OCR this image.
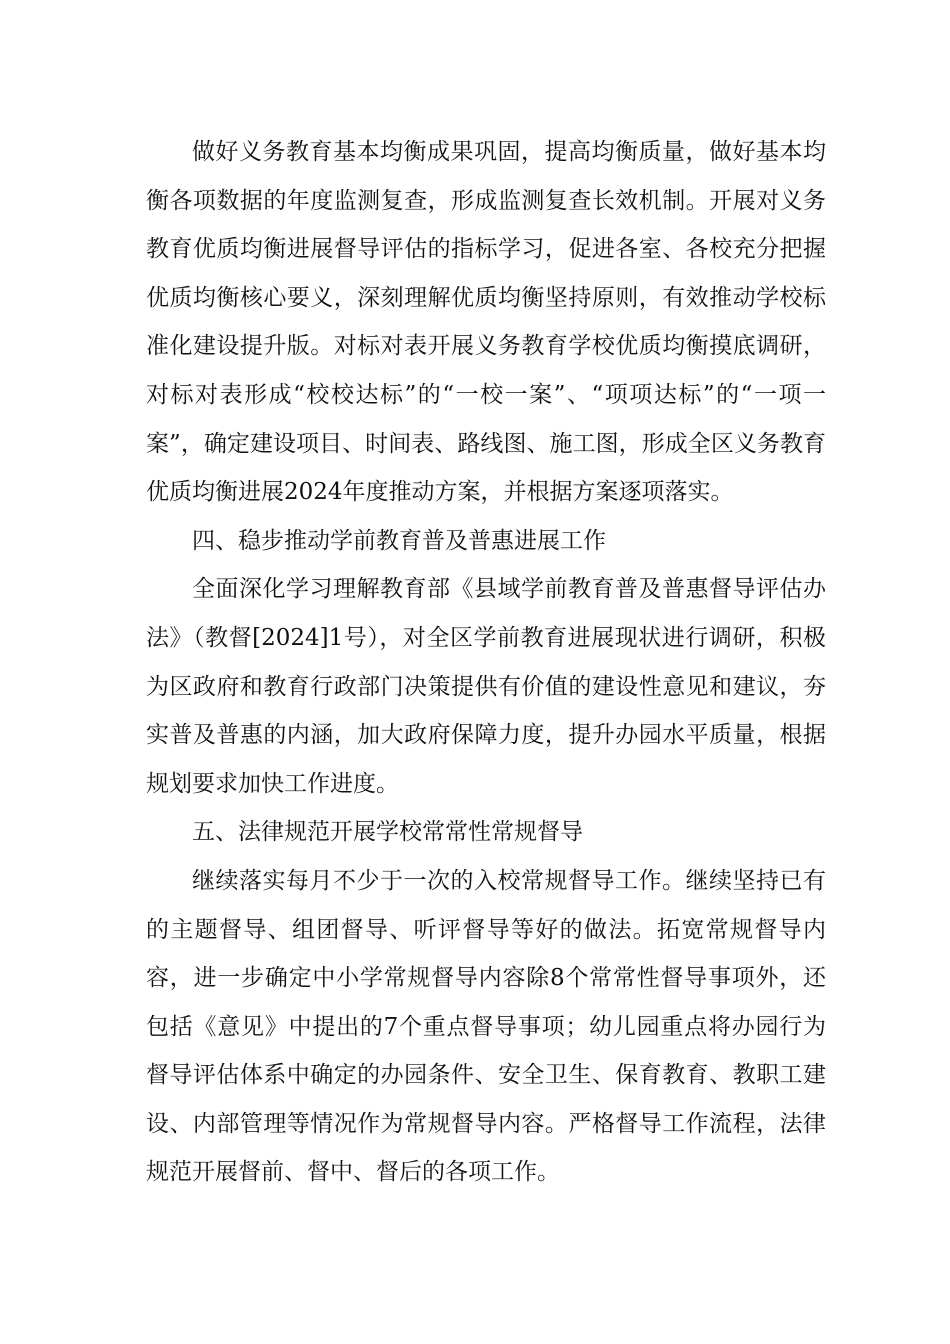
做好义务教育基本均衡成果巩固，提高均衡质量，做好基本均衡各项数据的年度监测复查，形成监测复查长效机制。开展对义务教育优质均衡进展督导评估的指标学习，促进各室、各校充分把握优质均衡核心要义，深刻理解优质均衡坚持原则，有效推动学校标准化建设提升版。对标对表开展义务教育学校优质均衡摸底调研，对标对表形成“校校达标”的“一校一案”、“项项达标”的“一项一案”，确定建设项目、时间表、路线图、施工图，形成全区义务教育优质均衡进展2024年度推动方案，并根据方案逐项落实。

四、稳步推动学前教育普及普惠进展工作

全面深化学习理解教育部《县域学前教育普及普惠督导评估办法》（教督[2024]1号），对全区学前教育进展现状进行调研，积极为区政府和教育行政部门决策提供有价值的建设性意见和建议，夯实普及普惠的内涵，加大政府保障力度，提升办园水平质量，根据规划要求加快工作进度。

五、法律规范开展学校常常性常规督导

继续落实每月不少于一次的入校常规督导工作。继续坚持已有的主题督导、组团督导、听评督导等好的做法。拓宽常规督导内容，进一步确定中小学常规督导内容除8个常常性督导事项外，还包括《意见》中提出的7个重点督导事项；幼儿园重点将办园行为督导评估体系中确定的办园条件、安全卫生、保育教育、教职工建设、内部管理等情况作为常规督导内容。严格督导工作流程，法律规范开展督前、督中、督后的各项工作。
